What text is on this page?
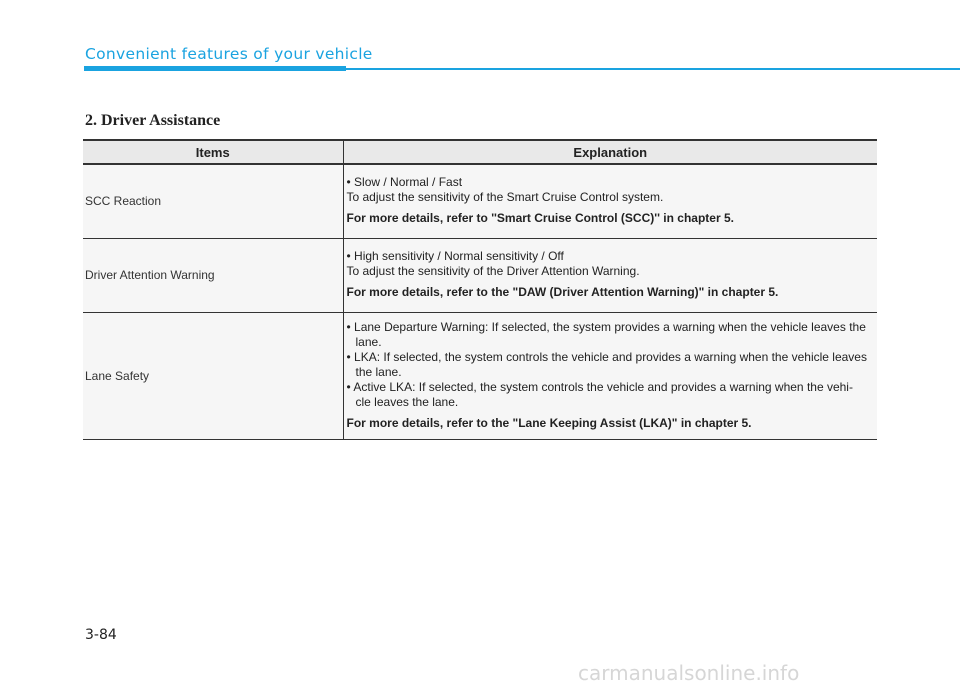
Convenient features of your vehicle
2. Driver Assistance
Items	Explanation
SCC Reaction	• Slow / Normal / Fast
To adjust the sensitivity of the Smart Cruise Control system.
For more details, refer to ''Smart Cruise Control (SCC)'' in chapter 5.

Driver Attention Warning	• High sensitivity / Normal sensitivity / Off
To adjust the sensitivity of the Driver Attention Warning.
For more details, refer to the "DAW (Driver Attention Warning)" in chapter 5.

Lane Safety	• Lane Departure Warning: If selected, the system provides a warning when the vehicle leaves the lane.
• LKA: If selected, the system controls the vehicle and provides a warning when the vehicle leaves the lane.
• Active LKA: If selected, the system controls the vehicle and provides a warning when the vehi- cle leaves the lane.
For more details, refer to the "Lane Keeping Assist (LKA)" in chapter 5.
3-84
carmanualsonline.info
